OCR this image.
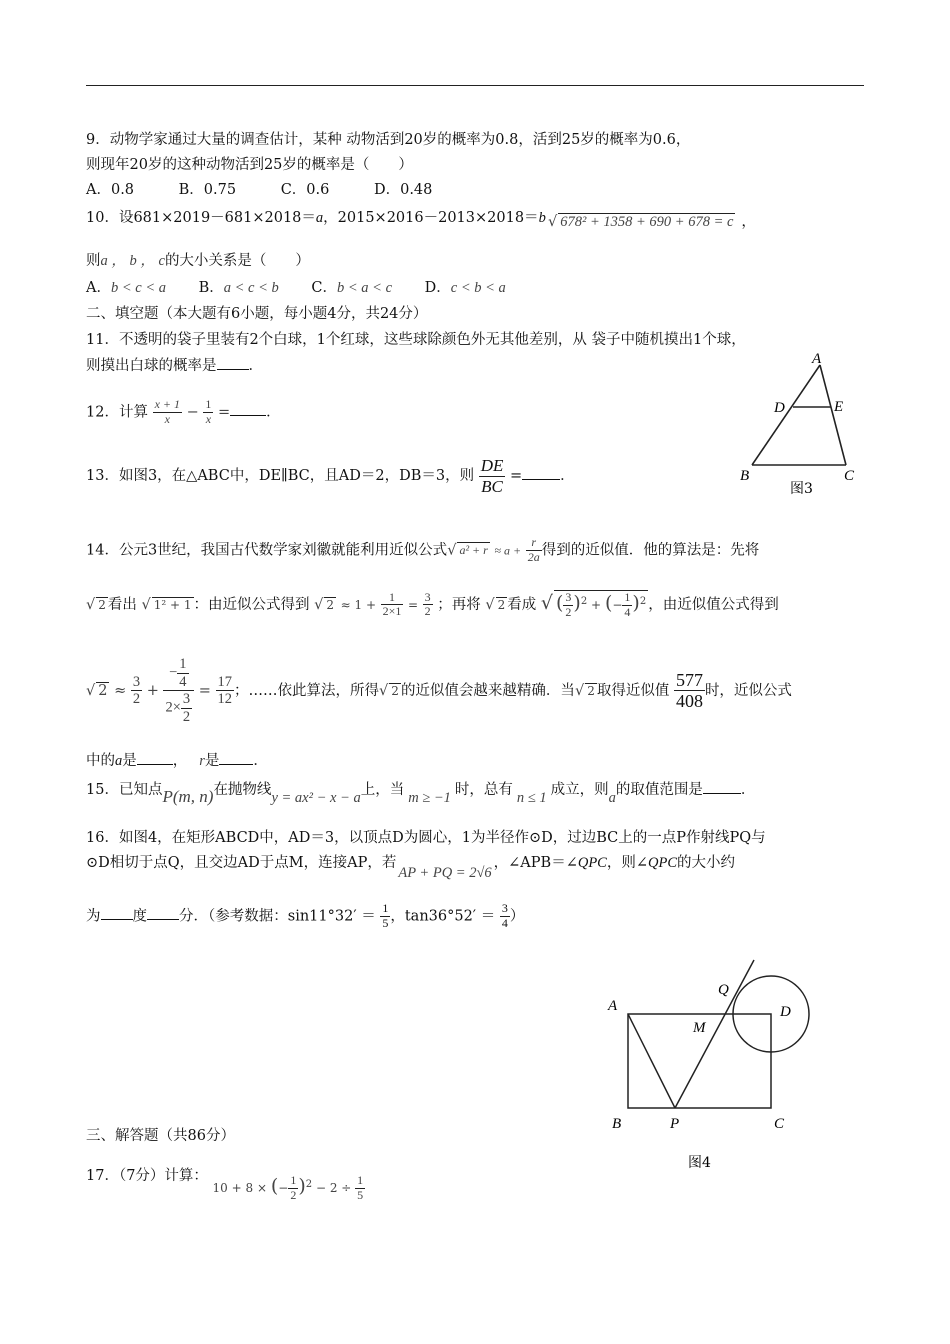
9．动物学家通过大量的调查估计，某种 动物活到20岁的概率为0.8，活到25岁的概率为0.6，
则现年20岁的这种动物活到25岁的概率是（　　）
A．0.8	B．0.75	C．0.6	D．0.48
10．设681×2019－681×2018＝a，2015×2016－2013×2018＝b √ 678² + 1358 + 690 + 678 = c ，
则a ， b ， c的大小关系是（　　）
A．b < c < a B．a < c < b C．b < a < c D．c < b < a
二、填空题（本大题有6小题，每小题4分，共24分）
11．不透明的袋子里装有2个白球，1个红球，这些球除颜色外无其他差别，从 袋子中随机摸出1个球，
则摸出白球的概率是 ．
12．计算 $\frac{x + 1}{x} - \frac{1}{x}$ = ．
13．如图3，在△ABC中，DE∥BC，且AD＝2，DB＝3，则 $\frac{DE}{BC}$ =	．
A
D	E
B	C
图3
14．公元3世纪，我国古代数学家刘徽就能利用近似公式√ $a^2 + r \approx a + \frac{r}{2a}$ 得到的近似值．他的算法是：先将
√ 2 看出 √ 1² + 1 ：由近似公式得到 √ $2 \approx 1 + \frac{1}{2\times 1} = \frac{3}{2}$ ；再将 √ 2 看成 √ ( $\frac{3}{2} )^2$ + (− $\frac{1}{4} )^2$ ，由近似值公式得到
√ $2 \approx \frac{3}{2} + \frac{- \frac{1}{4}}{2\times \frac{3}{2}} = \frac{17}{12}$ ；……依此算法，所得√ 2 的近似值会越来越精确．当√ 2 取得近似值 $\frac{577}{408}$ 时，近似公式
中的a是 ， r是 ．
15．已知点P(m, n)在抛物线y = ax² − x − a上，当 m ≥ −1 时，总有 n ≤ 1 成立，则a的取值范围是	．
16．如图4，在矩形ABCD中，AD＝3，以顶点D为圆心，1为半径作⊙D，过边BC上的一点P作射线PQ与
⊙D相切于点Q，且交边AD于点M，连接AP，若AP + PQ = 2√6，∠APB＝∠QPC，则∠QPC的大小约
为 度 分．（参考数据：$\sin 11^\circ 32' = \frac{1}{5}$ ，$\tan 36^\circ 52' = \frac{3}{4}$ ）
A
Q
M
D
B	P	C
图4
三、解答题（共86分）
17．（7分）计算： $_{10 + 8 \times (- \frac{1}{2} )^2 - 2 \div \frac{1}{5}}$
